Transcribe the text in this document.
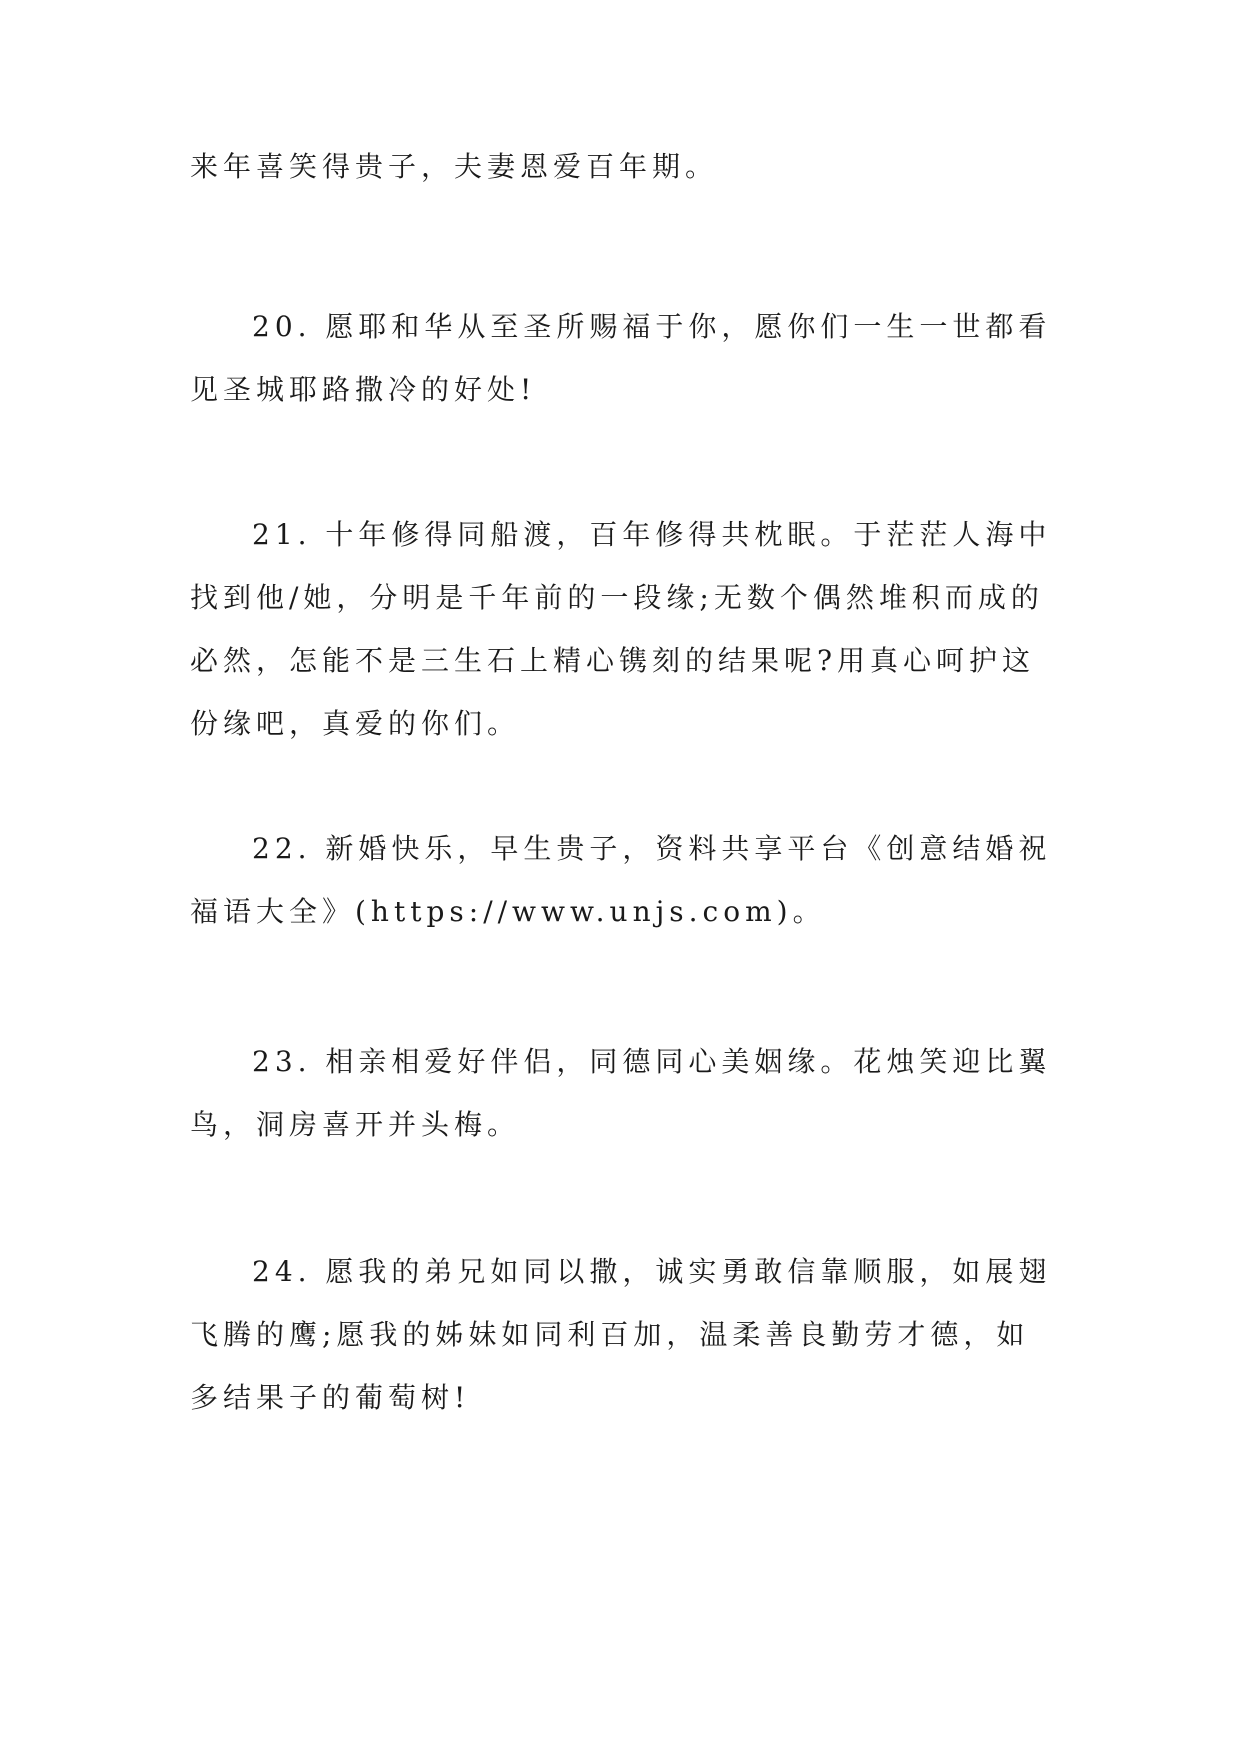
来年喜笑得贵子，夫妻恩爱百年期。
20. 愿耶和华从至圣所赐福于你，愿你们一生一世都看
见圣城耶路撒冷的好处!
21. 十年修得同船渡，百年修得共枕眠。于茫茫人海中
找到他/她，分明是千年前的一段缘;无数个偶然堆积而成的
必然，怎能不是三生石上精心镌刻的结果呢?用真心呵护这
份缘吧，真爱的你们。
22. 新婚快乐，早生贵子，资料共享平台《创意结婚祝
福语大全》(https://www.unjs.com)。
23. 相亲相爱好伴侣，同德同心美姻缘。花烛笑迎比翼
鸟，洞房喜开并头梅。
24. 愿我的弟兄如同以撒，诚实勇敢信靠顺服，如展翅
飞腾的鹰;愿我的姊妹如同利百加，温柔善良勤劳才德，如
多结果子的葡萄树!
